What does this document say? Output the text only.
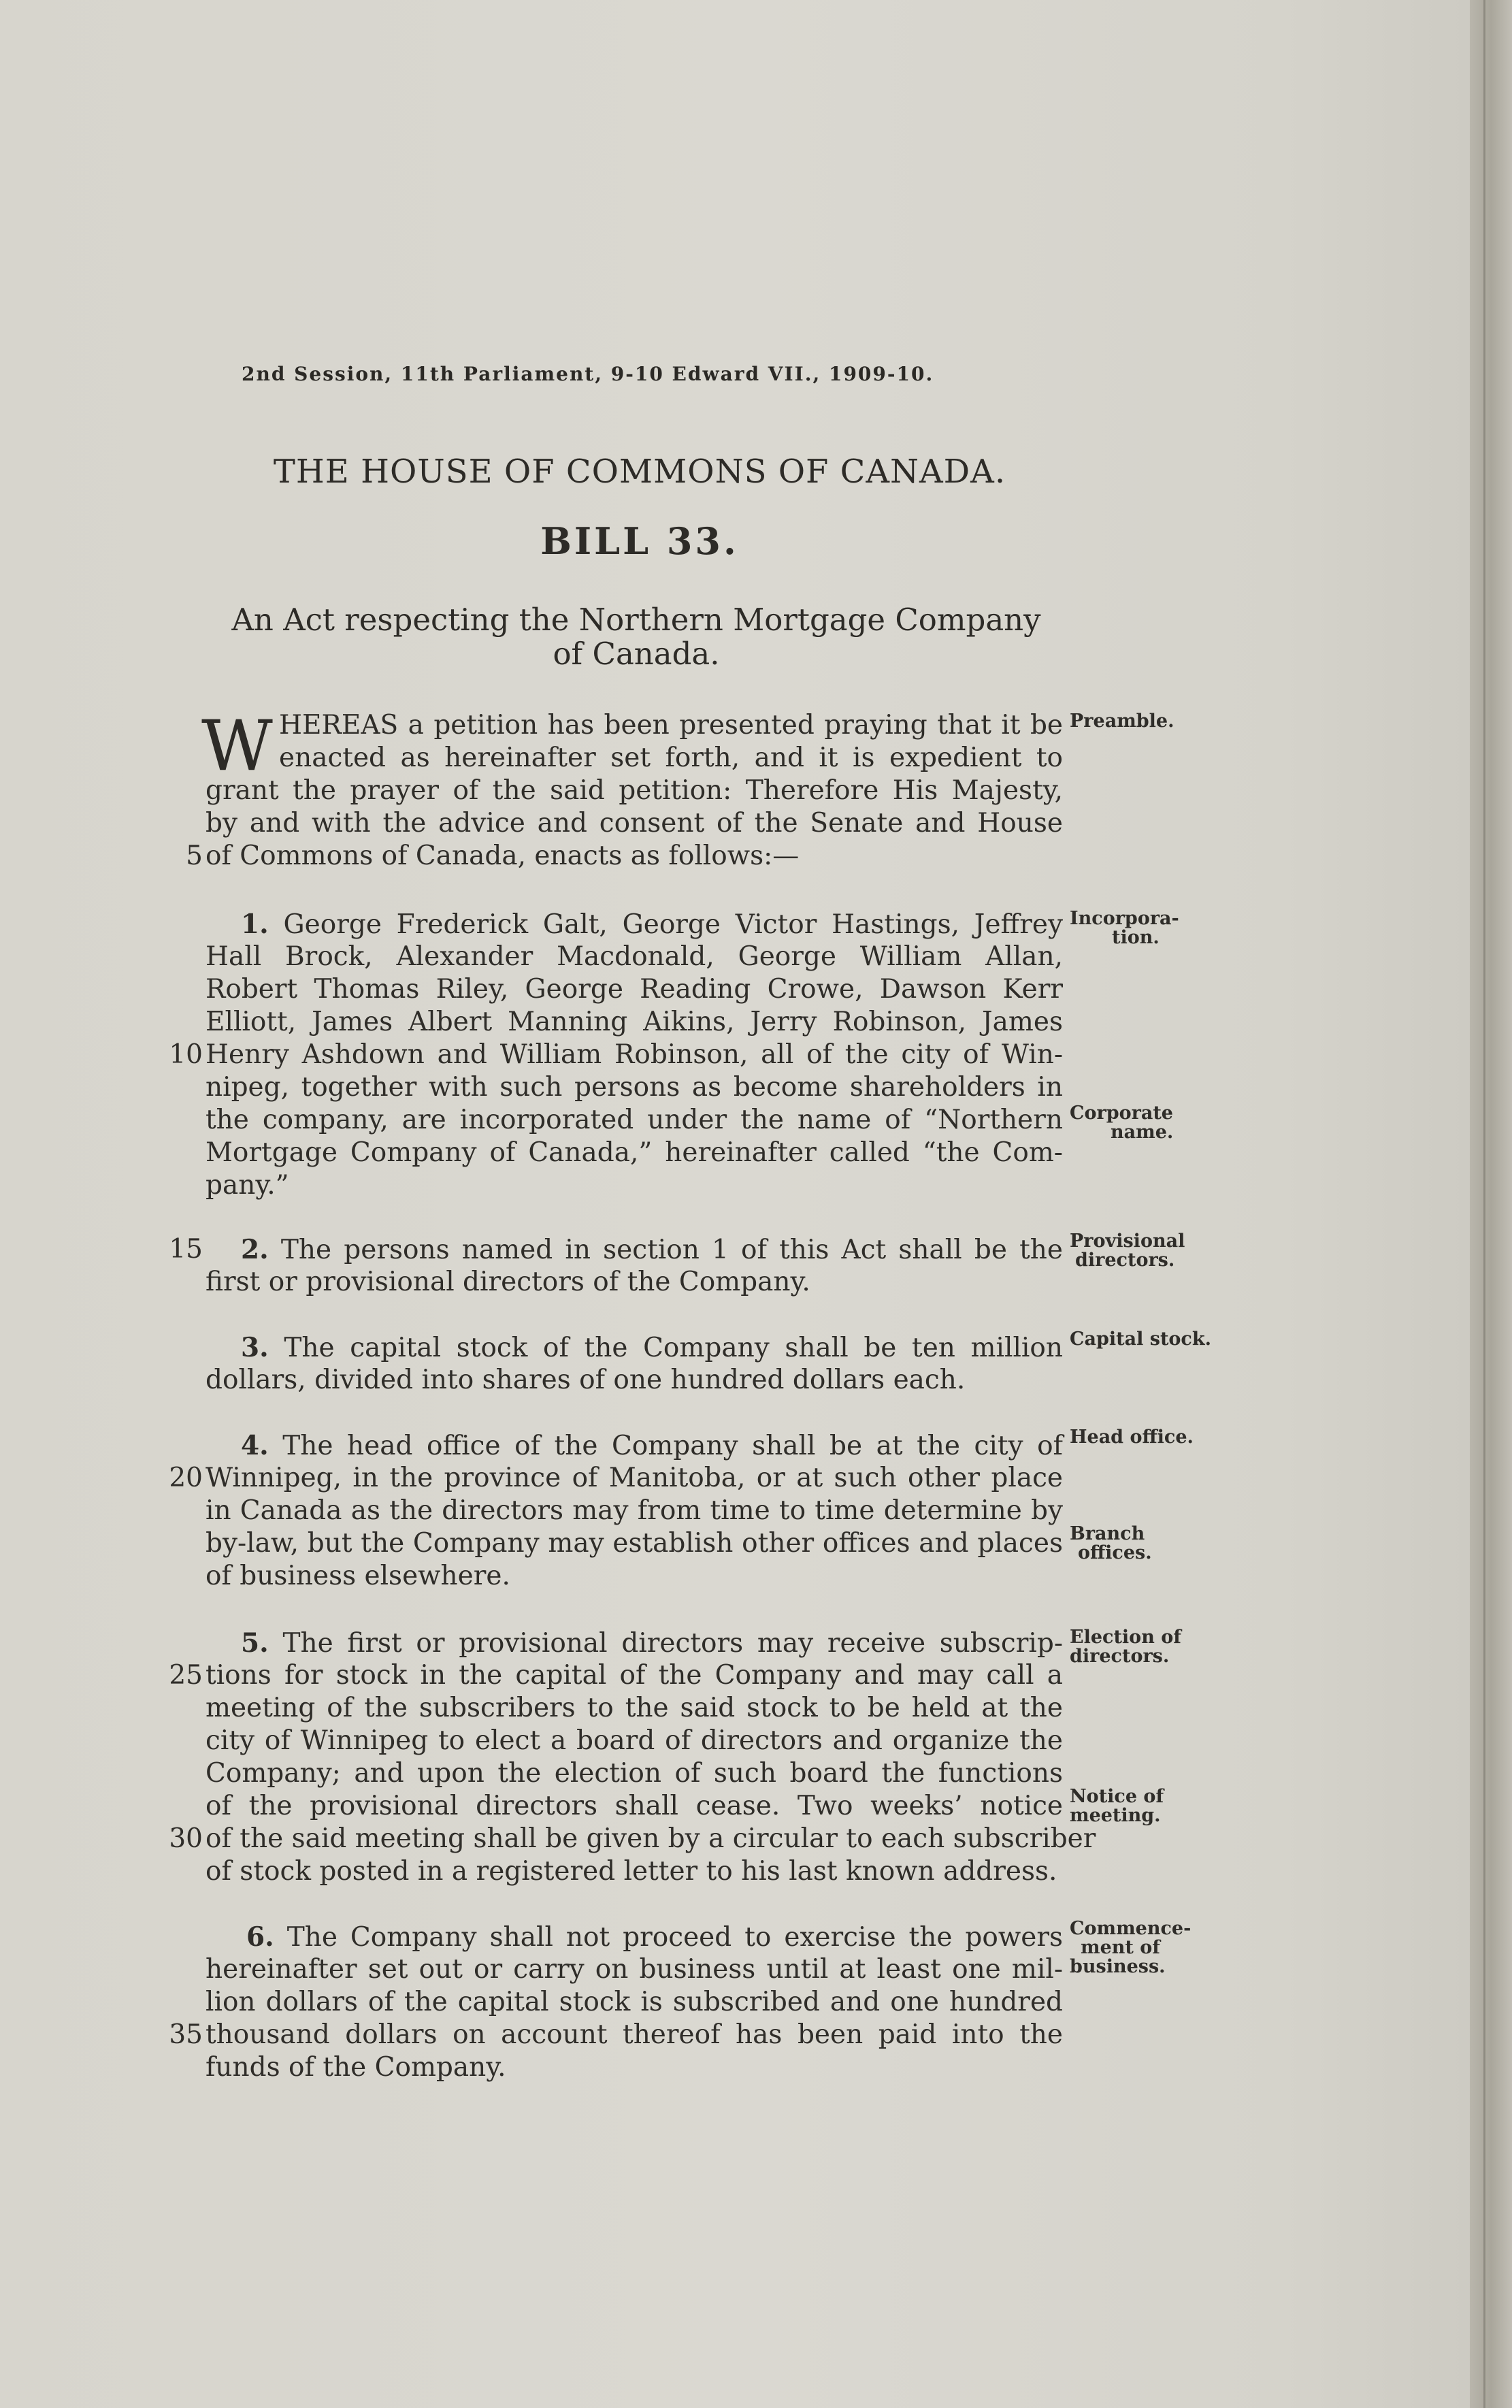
2nd Session, 11th Parliament, 9-10 Edward VII., 1909-10.
THE HOUSE OF COMMONS OF CANADA.
BILL 33.
An Act respecting the Northern Mortgage Company
of Canada.
W HEREAS a petition has been presented praying that it be
enacted as hereinafter set forth, and it is expedient to
grant the prayer of the said petition: Therefore His Majesty,
by and with the advice and consent of the Senate and House
of Commons of Canada, enacts as follows:—
1. George Frederick Galt, George Victor Hastings, Jeffrey
Hall Brock, Alexander Macdonald, George William Allan,
Robert Thomas Riley, George Reading Crowe, Dawson Kerr
Elliott, James Albert Manning Aikins, Jerry Robinson, James
Henry Ashdown and William Robinson, all of the city of Win-
nipeg, together with such persons as become shareholders in
the company, are incorporated under the name of “Northern
Mortgage Company of Canada,” hereinafter called “the Com-
pany.”
2. The persons named in section 1 of this Act shall be the
first or provisional directors of the Company.
3. The capital stock of the Company shall be ten million
dollars, divided into shares of one hundred dollars each.
4. The head office of the Company shall be at the city of
Winnipeg, in the province of Manitoba, or at such other place
in Canada as the directors may from time to time determine by
by-law, but the Company may establish other offices and places
of business elsewhere.
5. The first or provisional directors may receive subscrip-
tions for stock in the capital of the Company and may call a
meeting of the subscribers to the said stock to be held at the
city of Winnipeg to elect a board of directors and organize the
Company; and upon the election of such board the functions
of the provisional directors shall cease. Two weeks’ notice
of the said meeting shall be given by a circular to each subscriber
of stock posted in a registered letter to his last known address.
6. The Company shall not proceed to exercise the powers
hereinafter set out or carry on business until at least one mil-
lion dollars of the capital stock is subscribed and one hundred
thousand dollars on account thereof has been paid into the
funds of the Company.
5
10
15
20
25
30
35
Preamble.
Incorpora-
tion.
Corporate
name.
Provisional
directors.
Capital stock.
Head office.
Branch
offices.
Election of
directors.
Notice of
meeting.
Commence-
ment of
business.
